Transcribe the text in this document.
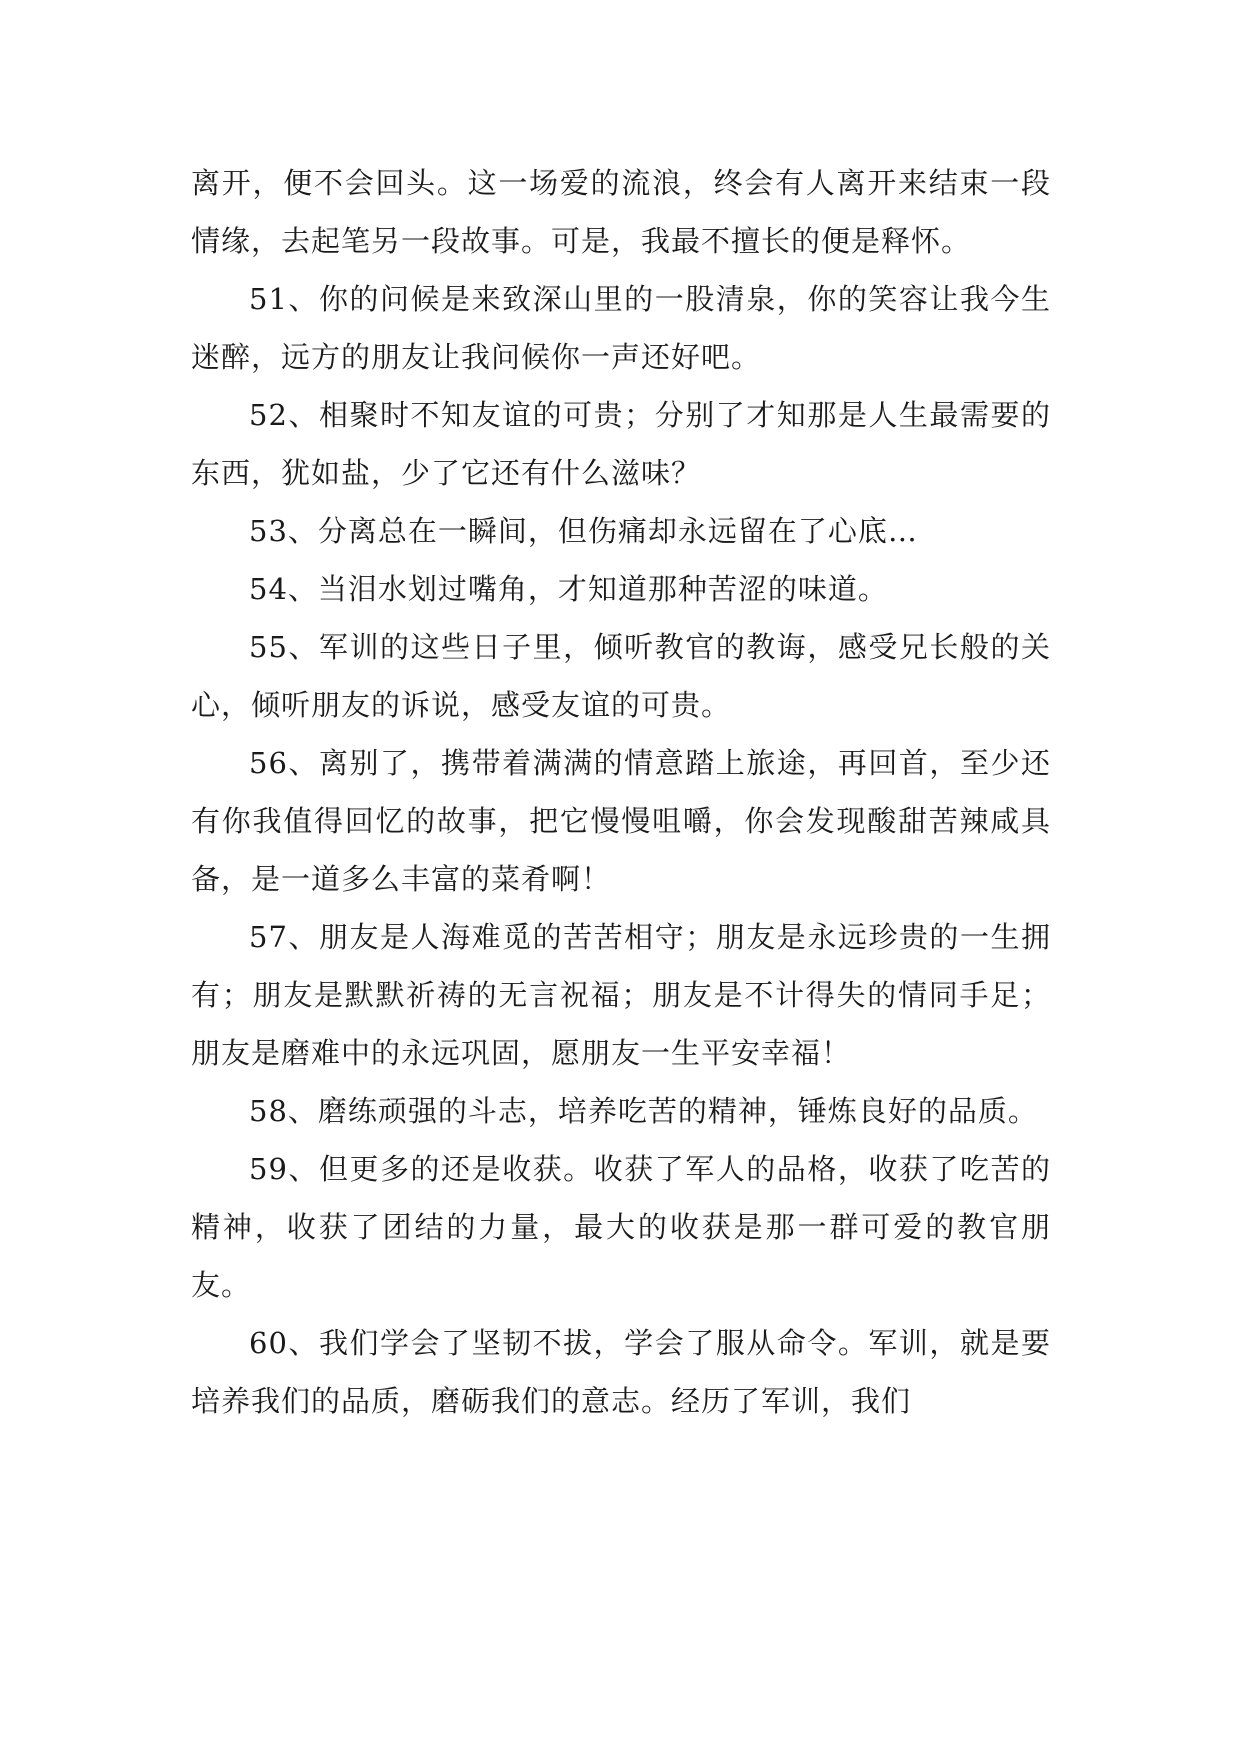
离开，便不会回头。这一场爱的流浪，终会有人离开来结束一段情缘，去起笔另一段故事。可是，我最不擅长的便是释怀。

51、你的问候是来致深山里的一股清泉，你的笑容让我今生迷醉，远方的朋友让我问候你一声还好吧。

52、相聚时不知友谊的可贵；分别了才知那是人生最需要的东西，犹如盐，少了它还有什么滋味？

53、分离总在一瞬间，但伤痛却永远留在了心底…

54、当泪水划过嘴角，才知道那种苦涩的味道。

55、军训的这些日子里，倾听教官的教诲，感受兄长般的关心，倾听朋友的诉说，感受友谊的可贵。

56、离别了，携带着满满的情意踏上旅途，再回首，至少还有你我值得回忆的故事，把它慢慢咀嚼，你会发现酸甜苦辣咸具备，是一道多么丰富的菜肴啊！

57、朋友是人海难觅的苦苦相守；朋友是永远珍贵的一生拥有；朋友是默默祈祷的无言祝福；朋友是不计得失的情同手足；朋友是磨难中的永远巩固，愿朋友一生平安幸福！

58、磨练顽强的斗志，培养吃苦的精神，锤炼良好的品质。

59、但更多的还是收获。收获了军人的品格，收获了吃苦的精神，收获了团结的力量，最大的收获是那一群可爱的教官朋友。

60、我们学会了坚韧不拔，学会了服从命令。军训，就是要培养我们的品质，磨砺我们的意志。经历了军训，我们
